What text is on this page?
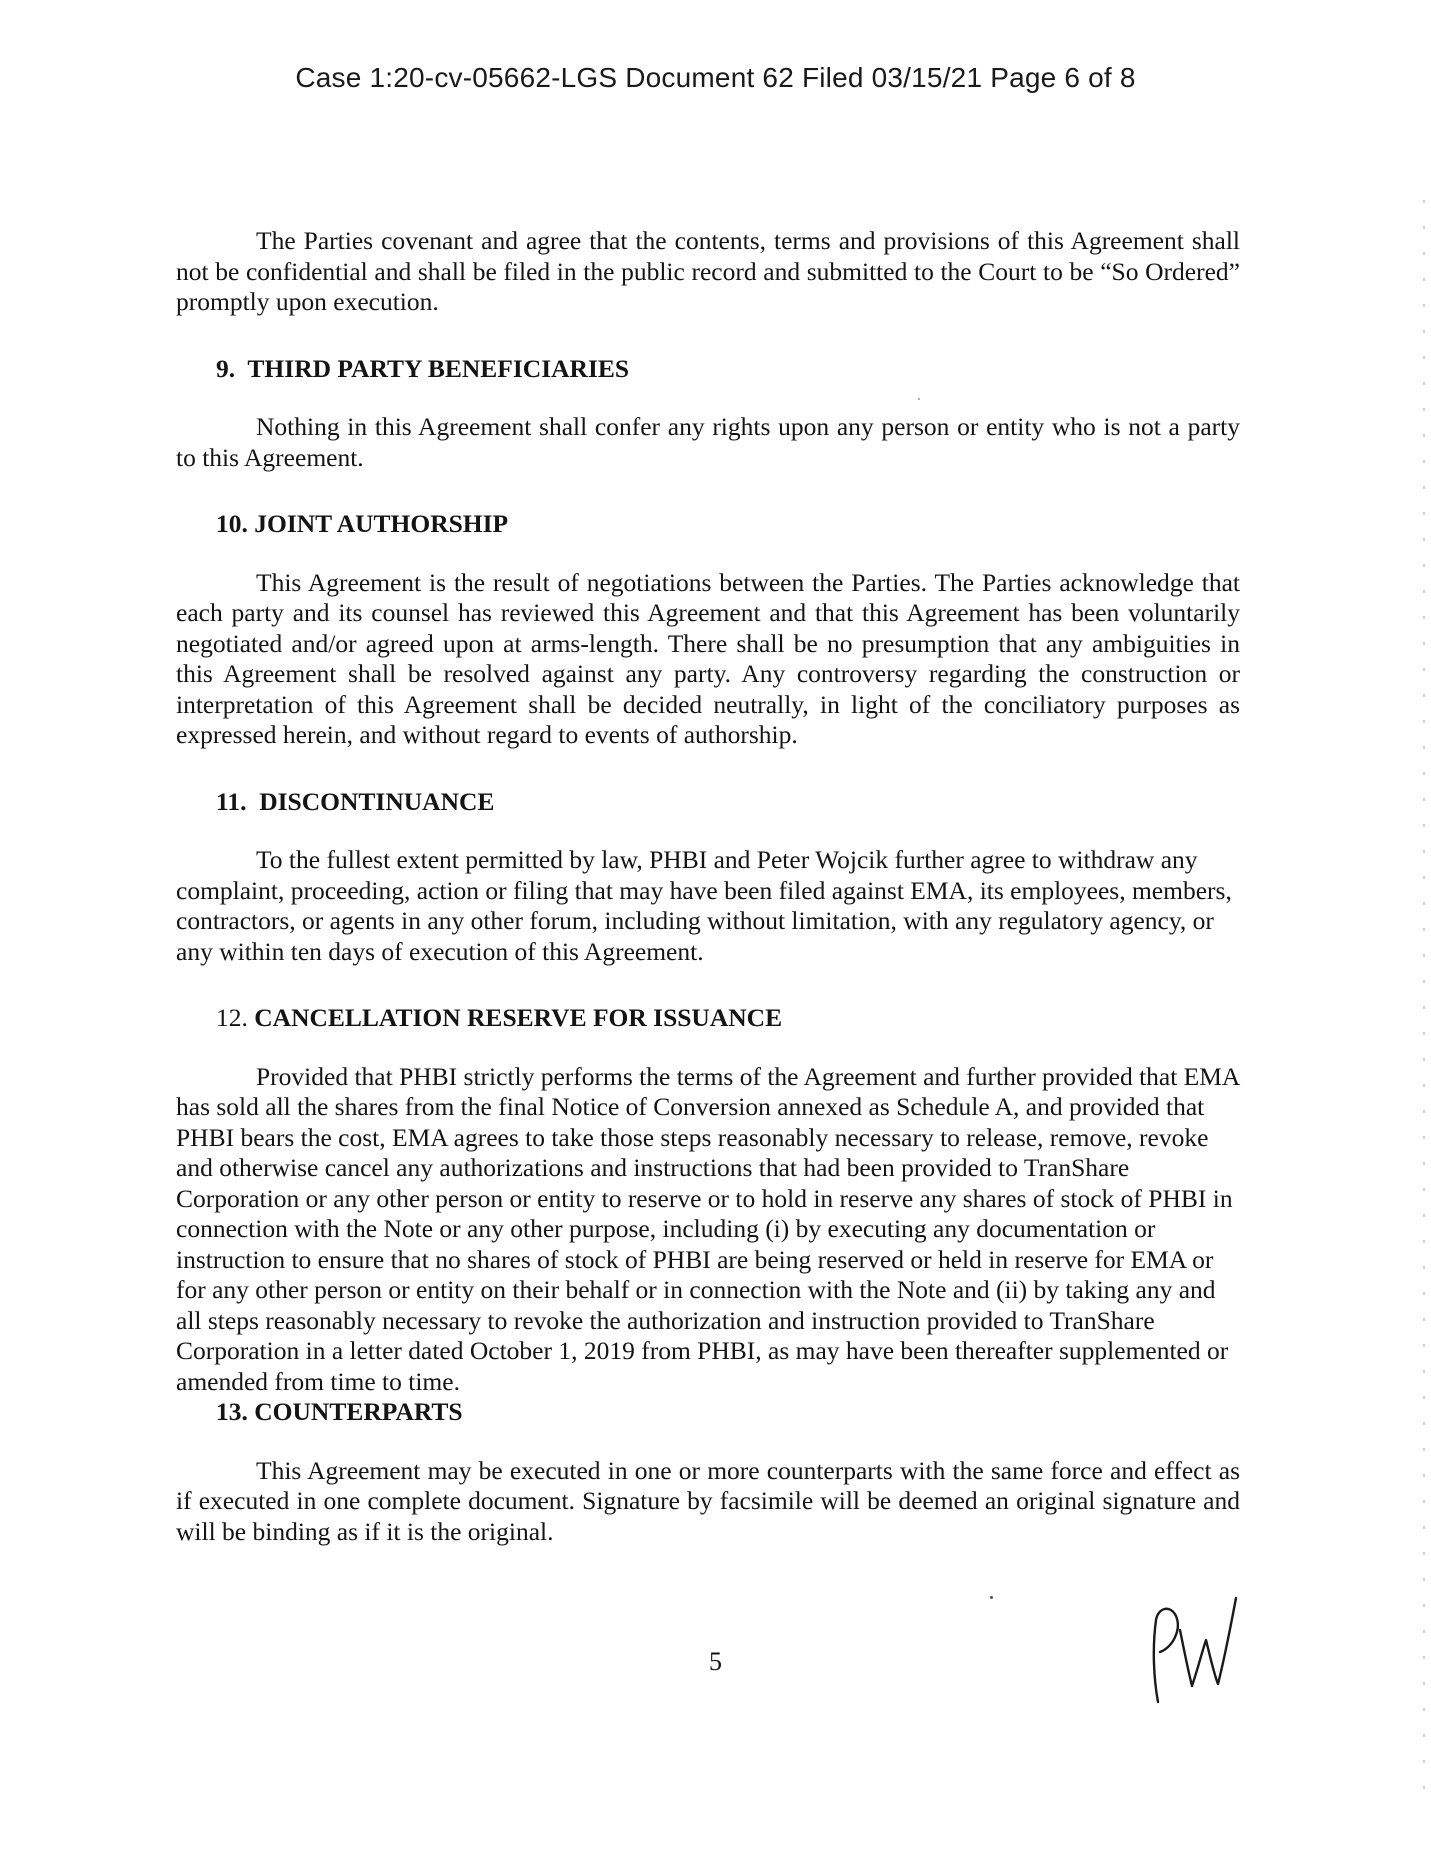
Case 1:20-cv-05662-LGS Document 62 Filed 03/15/21 Page 6 of 8

The Parties covenant and agree that the contents, terms and provisions of this Agreement shall not be confidential and shall be filed in the public record and submitted to the Court to be “So Ordered” promptly upon execution.

9. THIRD PARTY BENEFICIARIES

Nothing in this Agreement shall confer any rights upon any person or entity who is not a party to this Agreement.

10. JOINT AUTHORSHIP

This Agreement is the result of negotiations between the Parties. The Parties acknowledge that each party and its counsel has reviewed this Agreement and that this Agreement has been voluntarily negotiated and/or agreed upon at arms-length. There shall be no presumption that any ambiguities in this Agreement shall be resolved against any party. Any controversy regarding the construction or interpretation of this Agreement shall be decided neutrally, in light of the conciliatory purposes as expressed herein, and without regard to events of authorship.

11. DISCONTINUANCE

To the fullest extent permitted by law, PHBI and Peter Wojcik further agree to withdraw any complaint, proceeding, action or filing that may have been filed against EMA, its employees, members, contractors, or agents in any other forum, including without limitation, with any regulatory agency, or any within ten days of execution of this Agreement.

12. CANCELLATION RESERVE FOR ISSUANCE

Provided that PHBI strictly performs the terms of the Agreement and further provided that EMA has sold all the shares from the final Notice of Conversion annexed as Schedule A, and provided that PHBI bears the cost, EMA agrees to take those steps reasonably necessary to release, remove, revoke and otherwise cancel any authorizations and instructions that had been provided to TranShare Corporation or any other person or entity to reserve or to hold in reserve any shares of stock of PHBI in connection with the Note or any other purpose, including (i) by executing any documentation or instruction to ensure that no shares of stock of PHBI are being reserved or held in reserve for EMA or for any other person or entity on their behalf or in connection with the Note and (ii) by taking any and all steps reasonably necessary to revoke the authorization and instruction provided to TranShare Corporation in a letter dated October 1, 2019 from PHBI, as may have been thereafter supplemented or amended from time to time.

13. COUNTERPARTS

This Agreement may be executed in one or more counterparts with the same force and effect as if executed in one complete document. Signature by facsimile will be deemed an original signature and will be binding as if it is the original.

5
